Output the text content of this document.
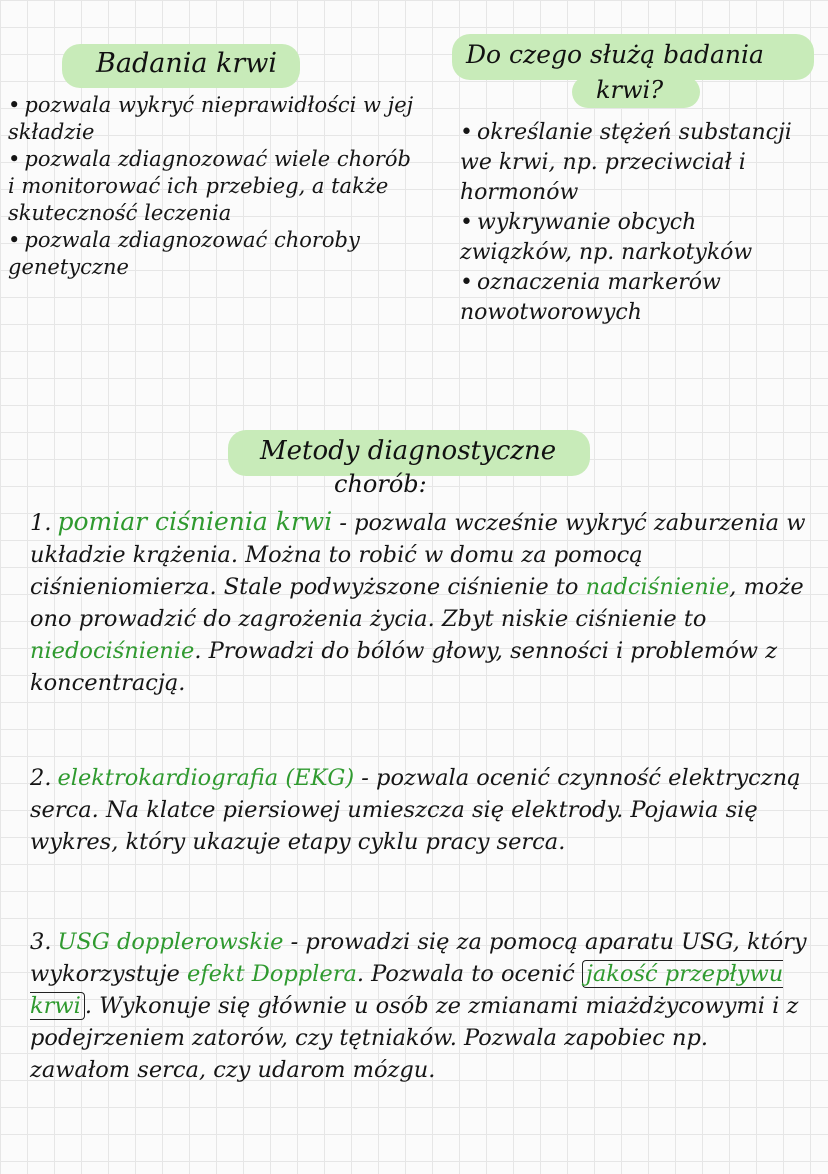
Badania krwi

• pozwala wykryć nieprawidłości w jej składzie

• pozwala zdiagnozować wiele chorób i monitorować ich przebieg, a także skuteczność leczenia

• pozwala zdiagnozować choroby genetyczne

Do czego służą badania
krwi?

• określanie stężeń substancji we krwi, np. przeciwciał i hormonów

• wykrywanie obcych związków, np. narkotyków

• oznaczenia markerów nowotworowych

Metody diagnostyczne
chorób:
1. pomiar ciśnienia krwi - pozwala wcześnie wykryć zaburzenia w układzie krążenia. Można to robić w domu za pomocą ciśnieniomierza. Stale podwyższone ciśnienie to nadciśnienie, może ono prowadzić do zagrożenia życia. Zbyt niskie ciśnienie to niedociśnienie. Prowadzi do bólów głowy, senności i problemów z koncentracją.
2. elektrokardiografia (EKG) - pozwala ocenić czynność elektryczną serca. Na klatce piersiowej umieszcza się elektrody. Pojawia się wykres, który ukazuje etapy cyklu pracy serca.
3. USG dopplerowskie - prowadzi się za pomocą aparatu USG, który wykorzystuje efekt Dopplera. Pozwala to ocenić jakość przepływu krwi . Wykonuje się głównie u osób ze zmianami miażdżycowymi i z podejrzeniem zatorów, czy tętniaków. Pozwala zapobiec np. zawałom serca, czy udarom mózgu.
